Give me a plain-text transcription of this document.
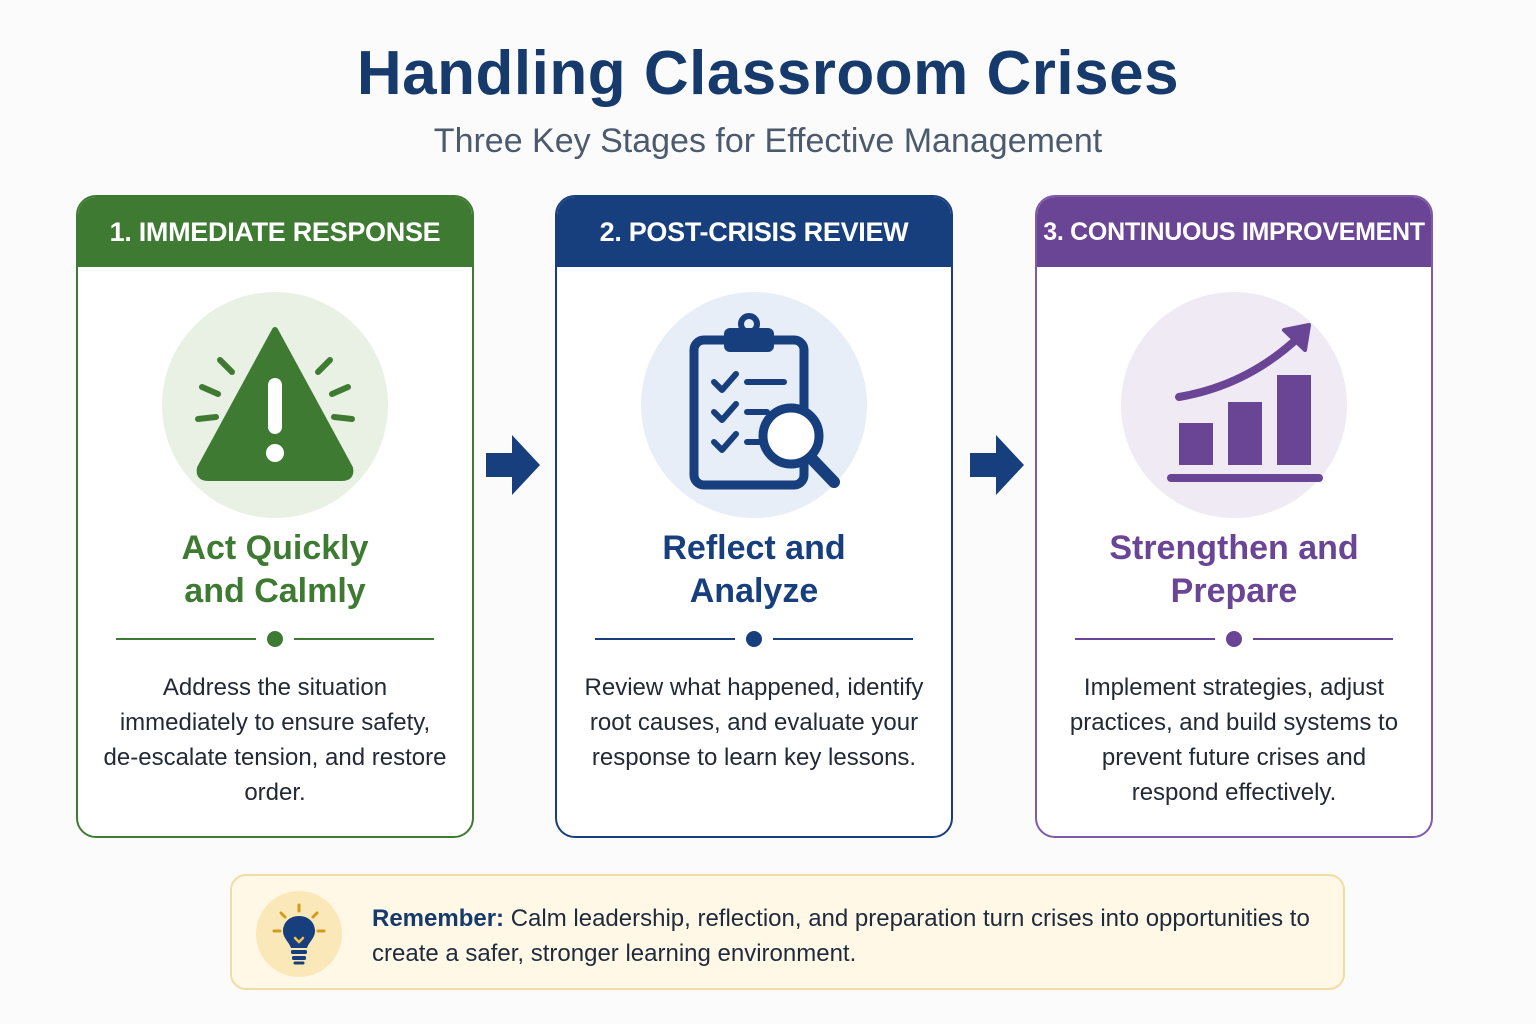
Handling Classroom Crises
Three Key Stages for Effective Management
1. IMMEDIATE RESPONSE
Act Quickly
and Calmly
Address the situation immediately to ensure safety, de-escalate tension, and restore order.
2. POST-CRISIS REVIEW
Reflect and
Analyze
Review what happened, identify root causes, and evaluate your response to learn key lessons.
3. CONTINUOUS IMPROVEMENT
Strengthen and
Prepare
Implement strategies, adjust practices, and build systems to prevent future crises and respond effectively.
Remember: Calm leadership, reflection, and preparation turn crises into opportunities to create a safer, stronger learning environment.
